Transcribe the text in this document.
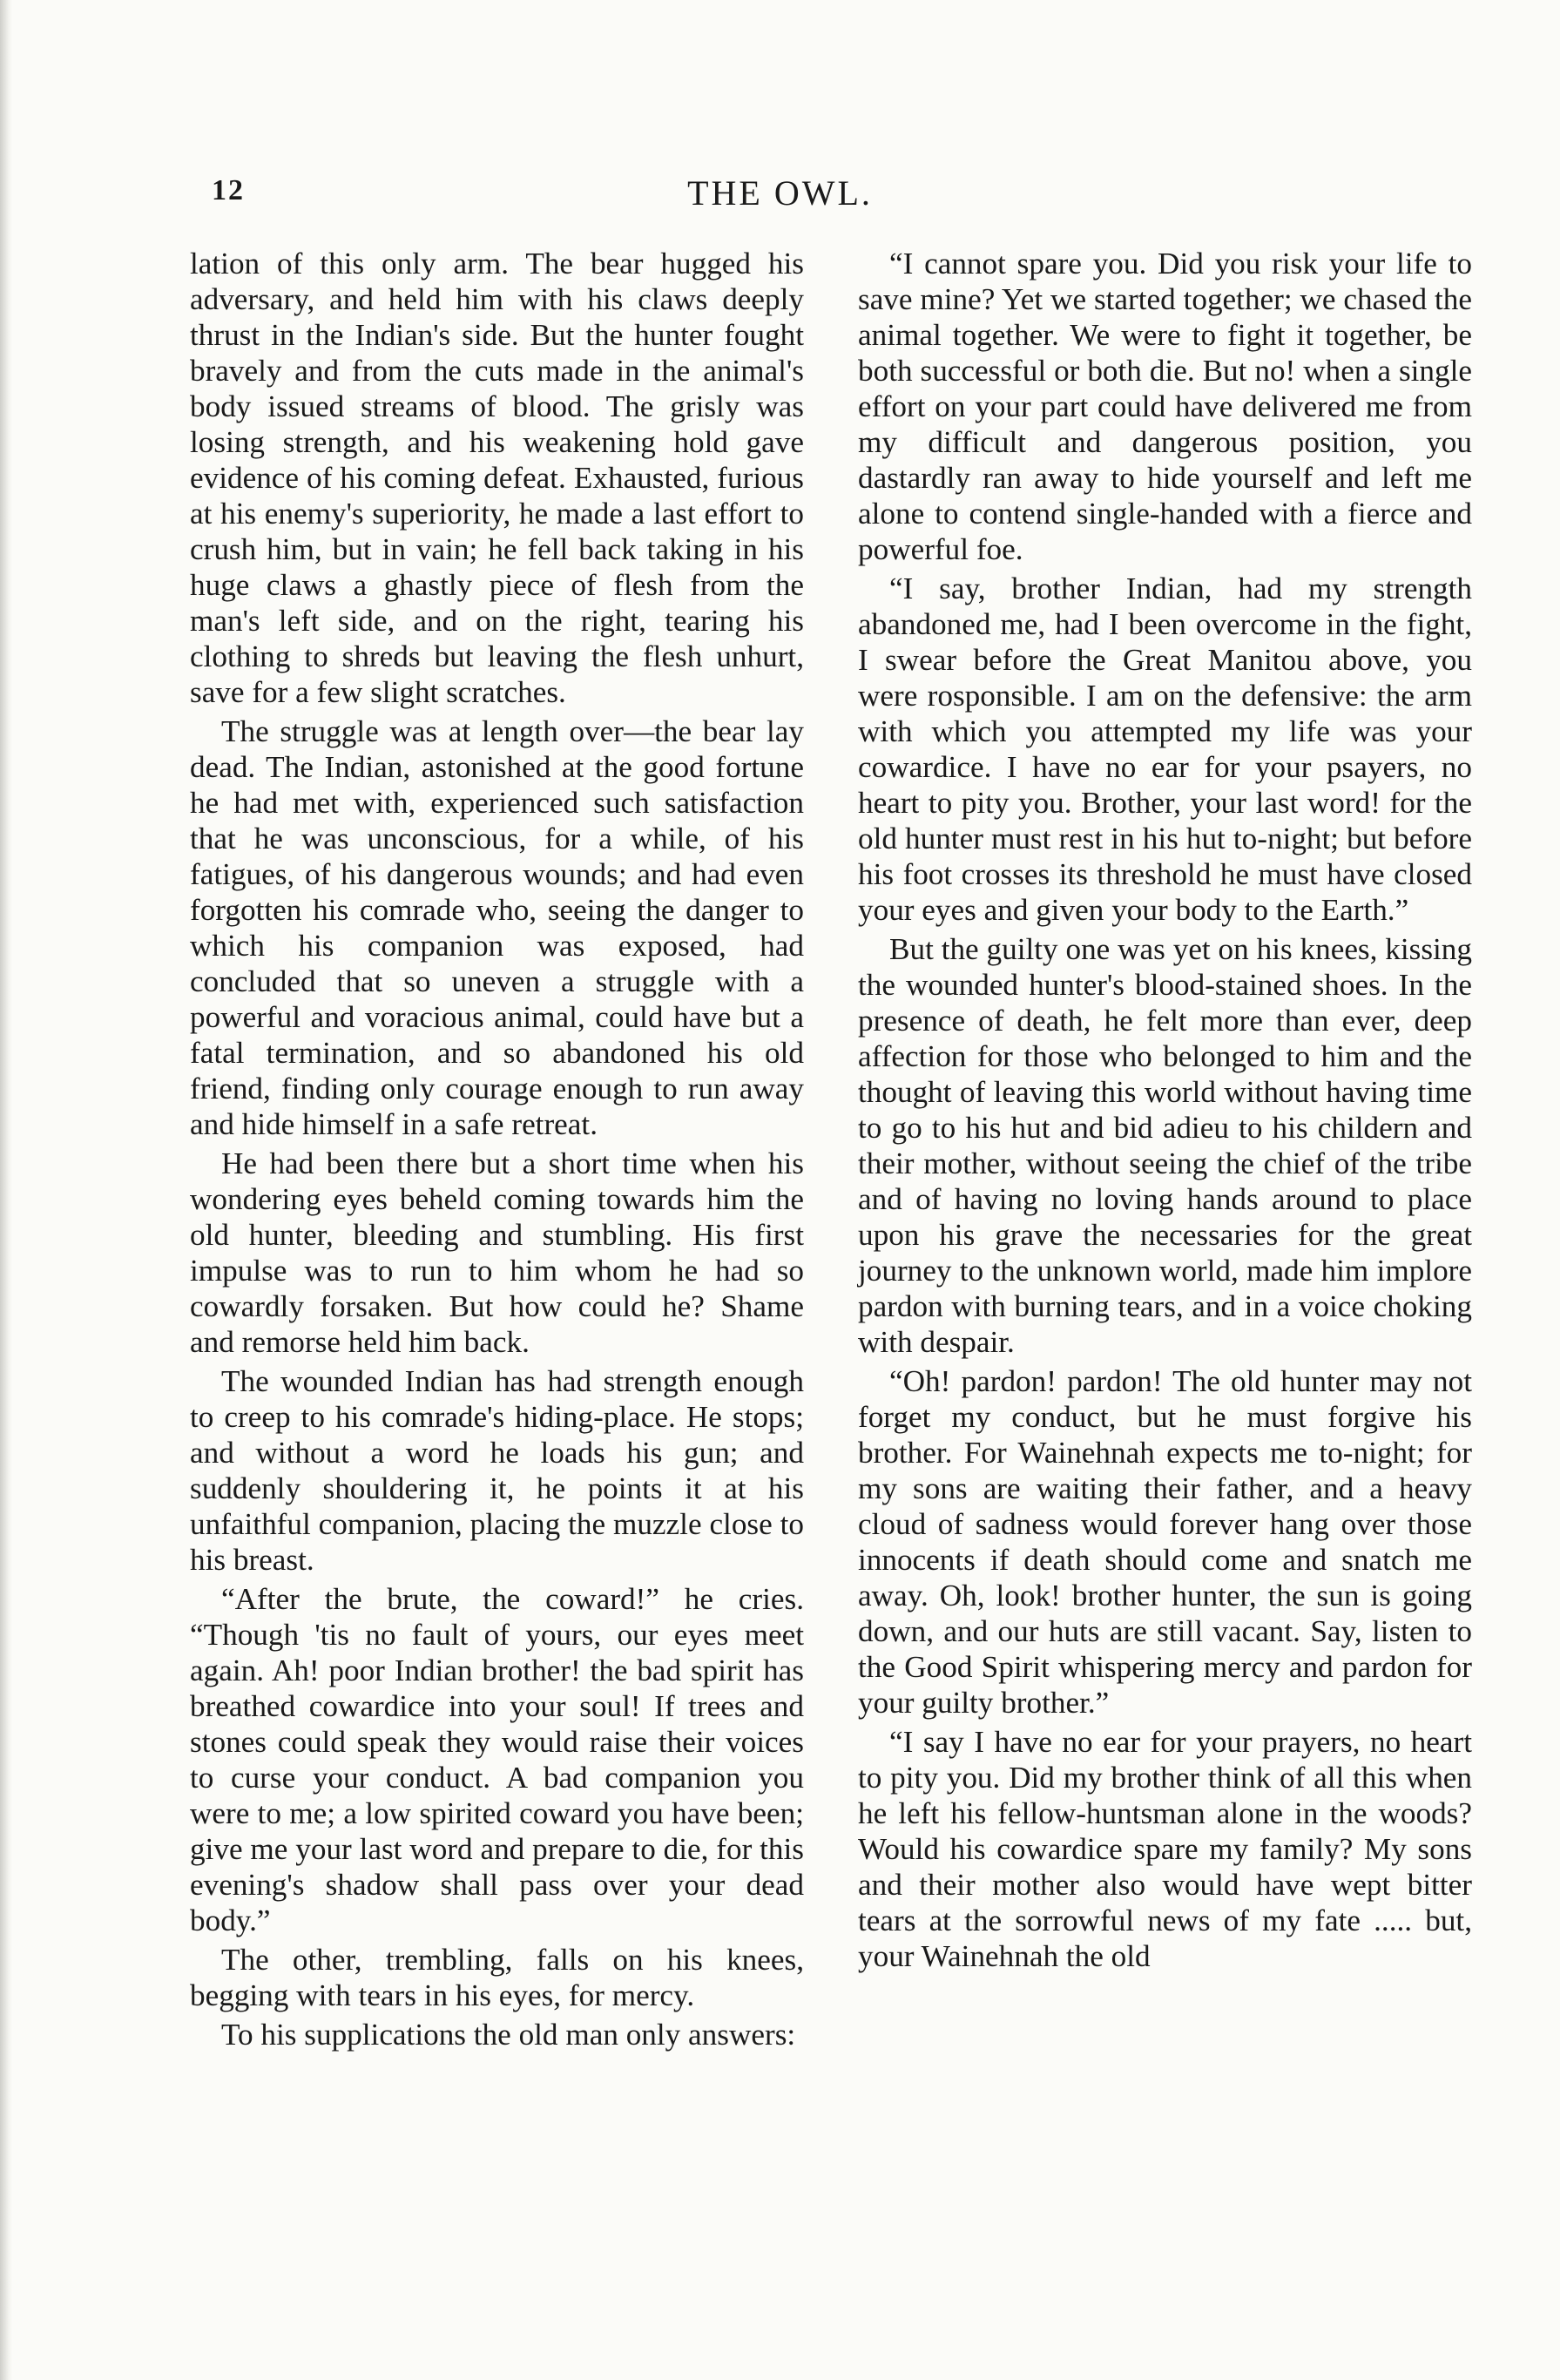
12	THE OWL.

lation of this only arm. The bear hugged his adversary, and held him with his claws deeply thrust in the Indian's side. But the hunter fought bravely and from the cuts made in the animal's body issued streams of blood. The grisly was losing strength, and his weakening hold gave evidence of his coming defeat. Exhausted, furious at his enemy's superiority, he made a last effort to crush him, but in vain; he fell back taking in his huge claws a ghastly piece of flesh from the man's left side, and on the right, tearing his clothing to shreds but leaving the flesh unhurt, save for a few slight scratches.

The struggle was at length over—the bear lay dead. The Indian, astonished at the good fortune he had met with, experienced such satisfaction that he was unconscious, for a while, of his fatigues, of his dangerous wounds; and had even forgotten his comrade who, seeing the danger to which his companion was exposed, had concluded that so uneven a struggle with a powerful and voracious animal, could have but a fatal termination, and so abandoned his old friend, finding only courage enough to run away and hide himself in a safe retreat.

He had been there but a short time when his wondering eyes beheld coming towards him the old hunter, bleeding and stumbling. His first impulse was to run to him whom he had so cowardly forsaken. But how could he? Shame and remorse held him back.

The wounded Indian has had strength enough to creep to his comrade's hiding-place. He stops; and without a word he loads his gun; and suddenly shouldering it, he points it at his unfaithful companion, placing the muzzle close to his breast.

“After the brute, the coward!” he cries. “Though 'tis no fault of yours, our eyes meet again. Ah! poor Indian brother! the bad spirit has breathed cowardice into your soul! If trees and stones could speak they would raise their voices to curse your conduct. A bad companion you were to me; a low spirited coward you have been; give me your last word and prepare to die, for this evening's shadow shall pass over your dead body.”

The other, trembling, falls on his knees, begging with tears in his eyes, for mercy.

To his supplications the old man only answers:

“I cannot spare you. Did you risk your life to save mine? Yet we started together; we chased the animal together. We were to fight it together, be both successful or both die. But no! when a single effort on your part could have delivered me from my difficult and dangerous position, you dastardly ran away to hide yourself and left me alone to contend single-handed with a fierce and powerful foe.

“I say, brother Indian, had my strength abandoned me, had I been overcome in the fight, I swear before the Great Manitou above, you were rosponsible. I am on the defensive: the arm with which you attempted my life was your cowardice. I have no ear for your psayers, no heart to pity you. Brother, your last word! for the old hunter must rest in his hut to-night; but before his foot crosses its threshold he must have closed your eyes and given your body to the Earth.”

But the guilty one was yet on his knees, kissing the wounded hunter's blood-stained shoes. In the presence of death, he felt more than ever, deep affection for those who belonged to him and the thought of leaving this world without having time to go to his hut and bid adieu to his childern and their mother, without seeing the chief of the tribe and of having no loving hands around to place upon his grave the necessaries for the great journey to the unknown world, made him implore pardon with burning tears, and in a voice choking with despair.

“Oh! pardon! pardon! The old hunter may not forget my conduct, but he must forgive his brother. For Wainehnah expects me to-night; for my sons are waiting their father, and a heavy cloud of sadness would forever hang over those innocents if death should come and snatch me away. Oh, look! brother hunter, the sun is going down, and our huts are still vacant. Say, listen to the Good Spirit whispering mercy and pardon for your guilty brother.”

“I say I have no ear for your prayers, no heart to pity you. Did my brother think of all this when he left his fellow-huntsman alone in the woods? Would his cowardice spare my family? My sons and their mother also would have wept bitter tears at the sorrowful news of my fate ..... but, your Wainehnah the old
